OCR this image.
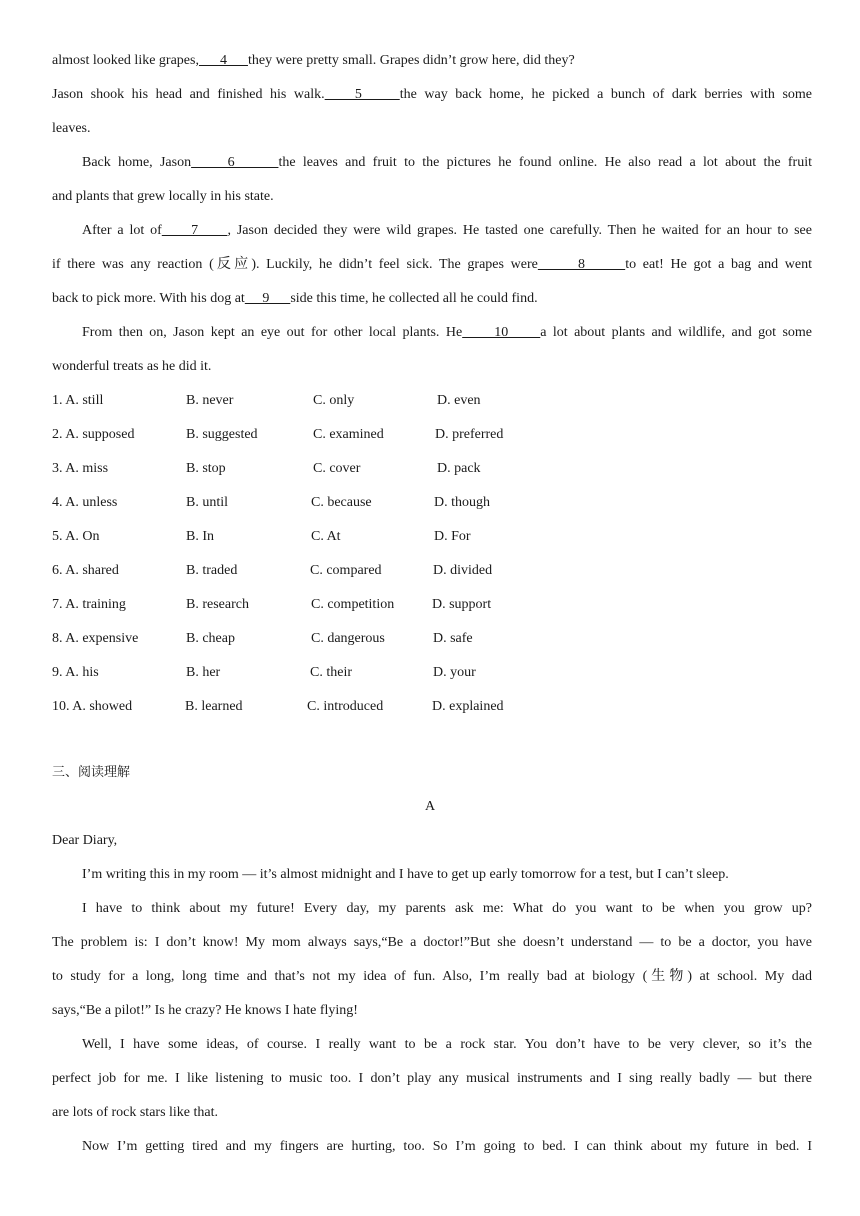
almost looked like grapes,      4      they were pretty small. Grapes didn’t grow here, did they?
Jason shook his head and finished his walk.    5     the way back home, he picked a bunch of dark berries with some
leaves.
Back home, Jason     6      the leaves and fruit to the pictures he found online. He also read a lot about the fruit
and plants that grew locally in his state.
After a lot of     7     , Jason decided they were wild grapes. He tasted one carefully. Then he waited for an hour to see
if there was any reaction (反应). Luckily, he didn’t feel sick. The grapes were      8      to eat! He got a bag and went
back to pick more. With his dog at     9      side this time, he collected all he could find.
From then on, Jason kept an eye out for other local plants. He     10     a lot about plants and wildlife, and got some
wonderful treats as he did it.
1. A. still	B. never	C. only	D. even
2. A. supposed	B. suggested	C. examined	D. preferred
3. A. miss	B. stop	C. cover	D. pack
4. A. unless	B. until	C. because	D. though
5. A. On	B. In	C. At	D. For
6. A. shared	B. traded	C. compared	D. divided
7. A. training	B. research	C. competition	D. support
8. A. expensive	B. cheap	C. dangerous	D. safe
9. A. his	B. her	C. their	D. your
10. A. showed	B. learned	C. introduced	D. explained
三、阅读理解
A
Dear Diary,
I’m writing this in my room — it’s almost midnight and I have to get up early tomorrow for a test, but I can’t sleep.
I have to think about my future! Every day, my parents ask me: What do you want to be when you grow up?
The problem is: I don’t know! My mom always says,“Be a doctor!”But she doesn’t understand — to be a doctor, you have
to study for a long, long time and that’s not my idea of fun. Also, I’m really bad at biology (生物) at school. My dad
says,“Be a pilot!” Is he crazy? He knows I hate flying!
Well, I have some ideas, of course. I really want to be a rock star. You don’t have to be very clever, so it’s the
perfect job for me. I like listening to music too. I don’t play any musical instruments and I sing really badly — but there
are lots of rock stars like that.
Now I’m getting tired and my fingers are hurting, too. So I’m going to bed. I can think about my future in bed. I
